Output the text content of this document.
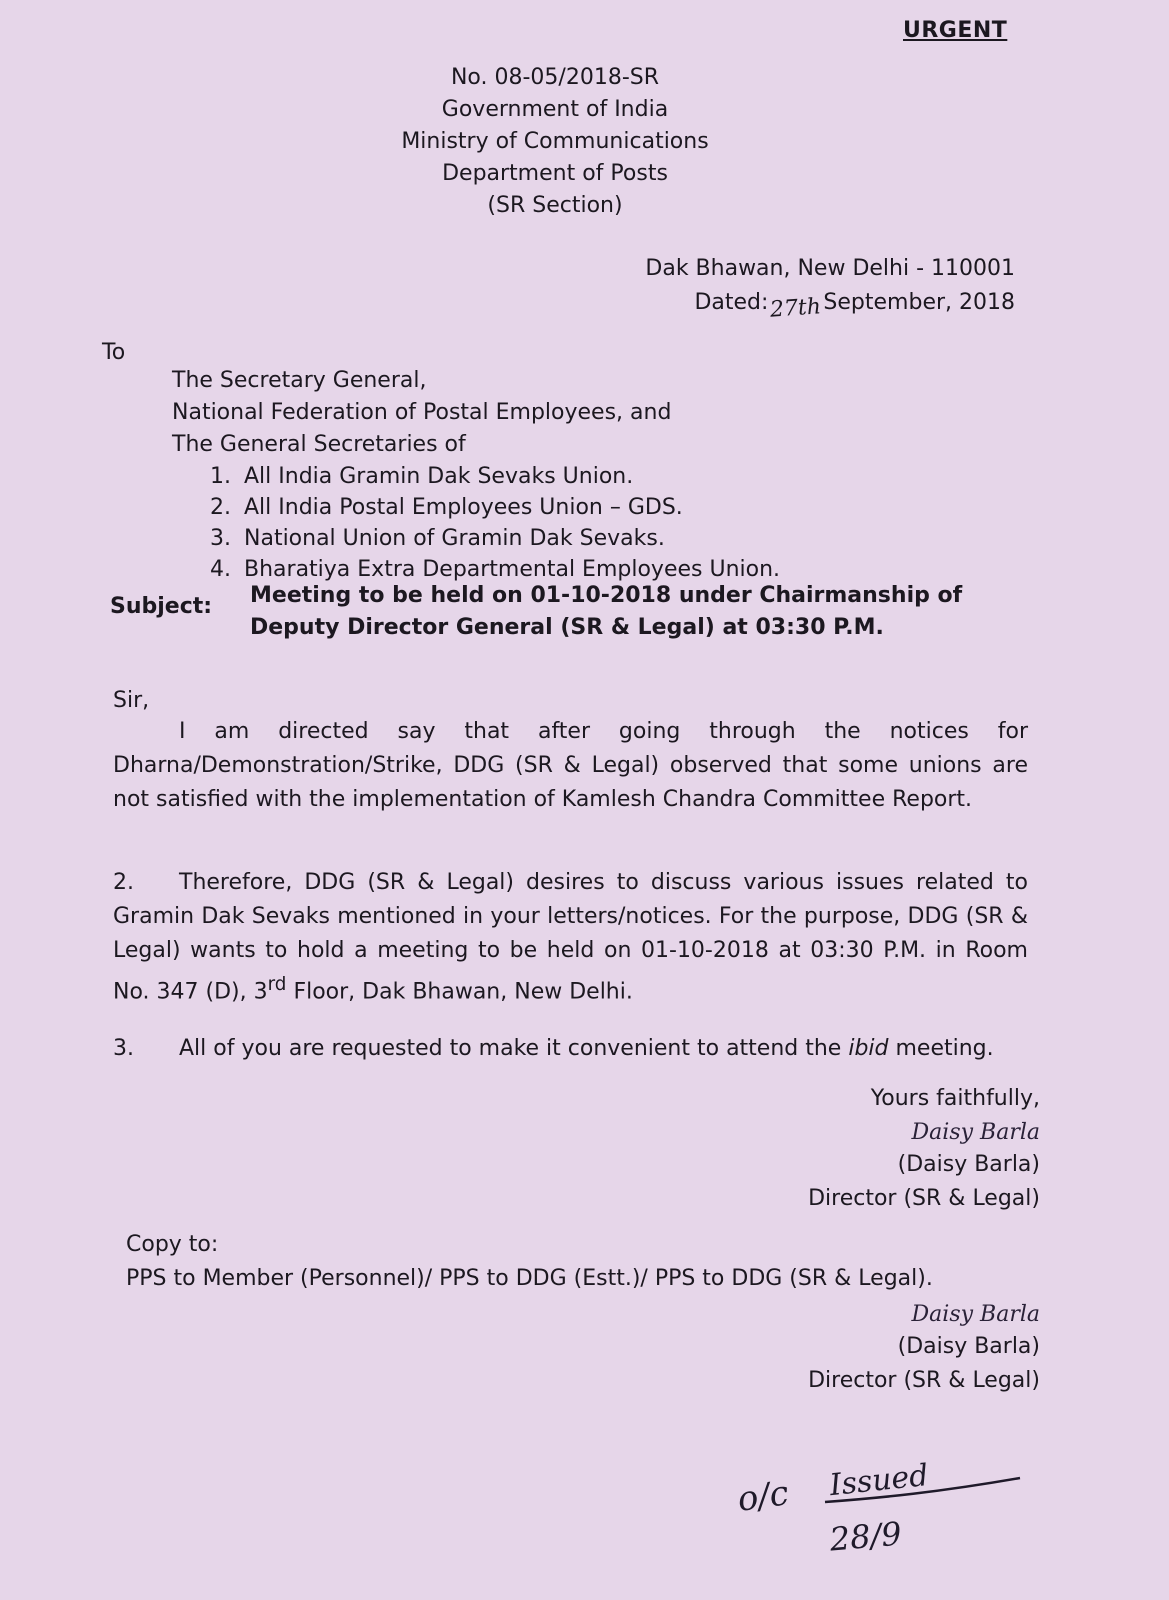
URGENT
No. 08-05/2018-SR
Government of India
Ministry of Communications
Department of Posts
(SR Section)
Dak Bhawan, New Delhi - 110001
Dated:27thSeptember, 2018
To
The Secretary General,
National Federation of Postal Employees, and
The General Secretaries of
1. All India Gramin Dak Sevaks Union.
2. All India Postal Employees Union – GDS.
3. National Union of Gramin Dak Sevaks.
4. Bharatiya Extra Departmental Employees Union.
Subject: Meeting to be held on 01-10-2018 under Chairmanship of Deputy Director General (SR & Legal) at 03:30 P.M.
Sir,
I am directed say that after going through the notices for Dharna/Demonstration/Strike, DDG (SR & Legal) observed that some unions are not satisfied with the implementation of Kamlesh Chandra Committee Report.
2. Therefore, DDG (SR & Legal) desires to discuss various issues related to Gramin Dak Sevaks mentioned in your letters/notices. For the purpose, DDG (SR & Legal) wants to hold a meeting to be held on 01-10-2018 at 03:30 P.M. in Room No. 347 (D), 3rd Floor, Dak Bhawan, New Delhi.
3. All of you are requested to make it convenient to attend the ibid meeting.
Yours faithfully,
Daisy Barla
(Daisy Barla)
Director (SR & Legal)
Copy to:
PPS to Member (Personnel)/ PPS to DDG (Estt.)/ PPS to DDG (SR & Legal).
Daisy Barla
(Daisy Barla)
Director (SR & Legal)
o/c Issued
28/9
